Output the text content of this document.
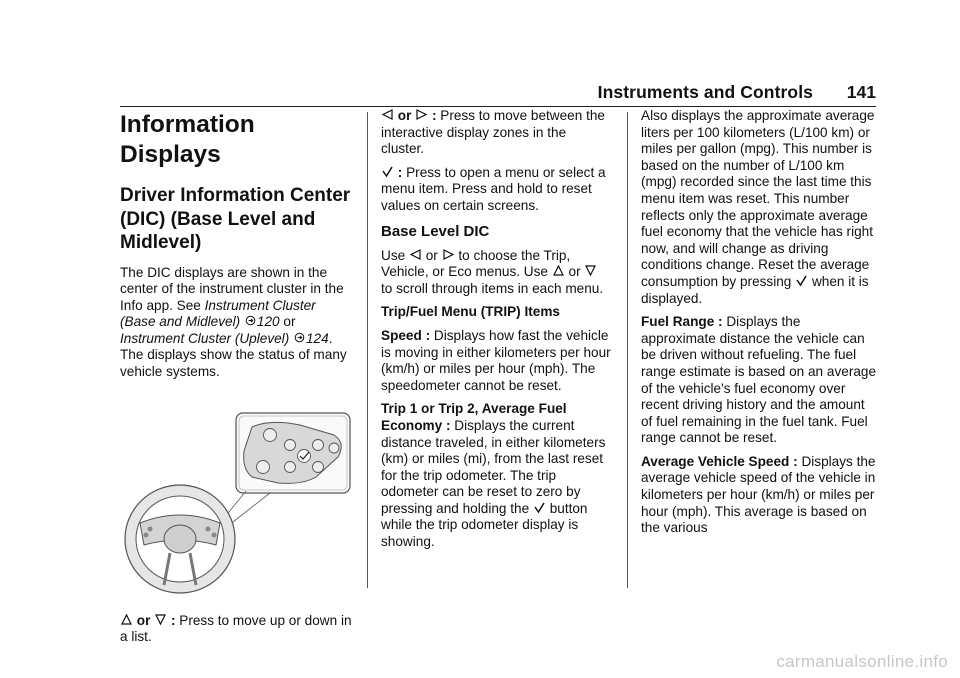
Instruments and Controls 141
Information Displays
Driver Information Center (DIC) (Base Level and Midlevel)

The DIC displays are shown in the center of the instrument cluster in the Info app. See Instrument Cluster (Base and Midlevel) 120 or Instrument Cluster (Uplevel) 124. The displays show the status of many vehicle systems.

or : Press to move up or down in a list.

or : Press to move between the interactive display zones in the cluster.

: Press to open a menu or select a menu item. Press and hold to reset values on certain screens.

Base Level DIC

Use or to choose the Trip, Vehicle, or Eco menus. Use or
to scroll through items in each menu.

Trip/Fuel Menu (TRIP) Items

Speed : Displays how fast the vehicle is moving in either kilometers per hour (km/h) or miles per hour (mph). The speedometer cannot be reset.

Trip 1 or Trip 2, Average Fuel Economy : Displays the current distance traveled, in either kilometers (km) or miles (mi), from the last reset for the trip odometer. The trip odometer can be reset to zero by pressing and holding the button while the trip odometer display is showing.

Also displays the approximate average liters per 100 kilometers (L/100 km) or miles per gallon (mpg). This number is based on the number of L/100 km (mpg) recorded since the last time this menu item was reset. This number reflects only the approximate average fuel economy that the vehicle has right now, and will change as driving conditions change. Reset the average consumption by pressing when it is displayed.

Fuel Range : Displays the approximate distance the vehicle can be driven without refueling. The fuel range estimate is based on an average of the vehicle's fuel economy over recent driving history and the amount of fuel remaining in the fuel tank. Fuel range cannot be reset.

Average Vehicle Speed : Displays the average vehicle speed of the vehicle in kilometers per hour (km/h) or miles per hour (mph). This average is based on the various

carmanualsonline.info
